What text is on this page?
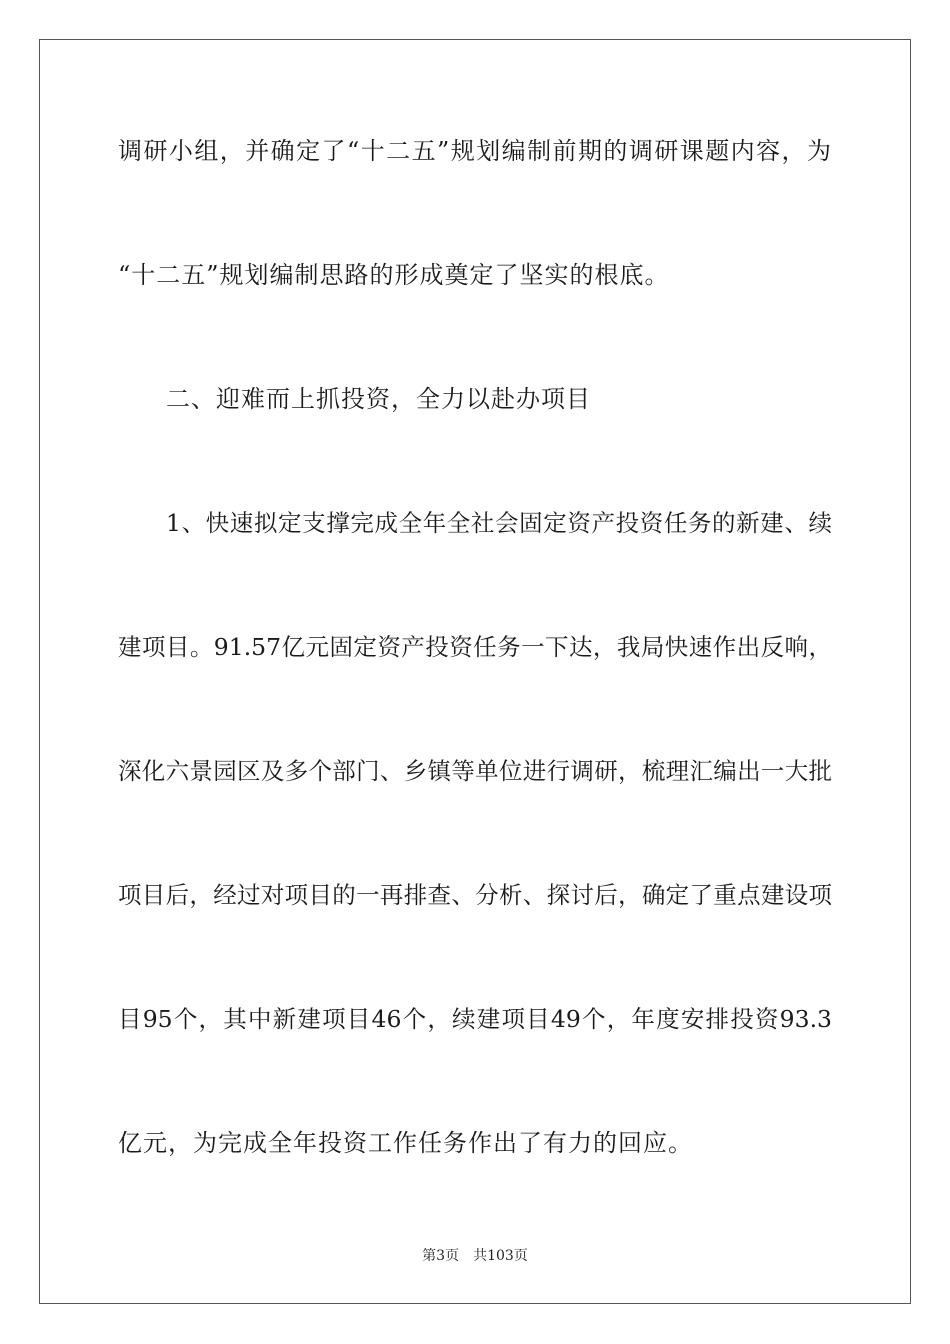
调研小组，并确定了“十二五”规划编制前期的调研课题内容，为
“十二五”规划编制思路的形成奠定了坚实的根底。
二、迎难而上抓投资，全力以赴办项目
1、快速拟定支撑完成全年全社会固定资产投资任务的新建、续
建项目。91.57亿元固定资产投资任务一下达，我局快速作出反响，
深化六景园区及多个部门、乡镇等单位进行调研，梳理汇编出一大批
项目后，经过对项目的一再排查、分析、探讨后，确定了重点建设项
目95个，其中新建项目46个，续建项目49个，年度安排投资93.3
亿元，为完成全年投资工作任务作出了有力的回应。
第3页 共103页
